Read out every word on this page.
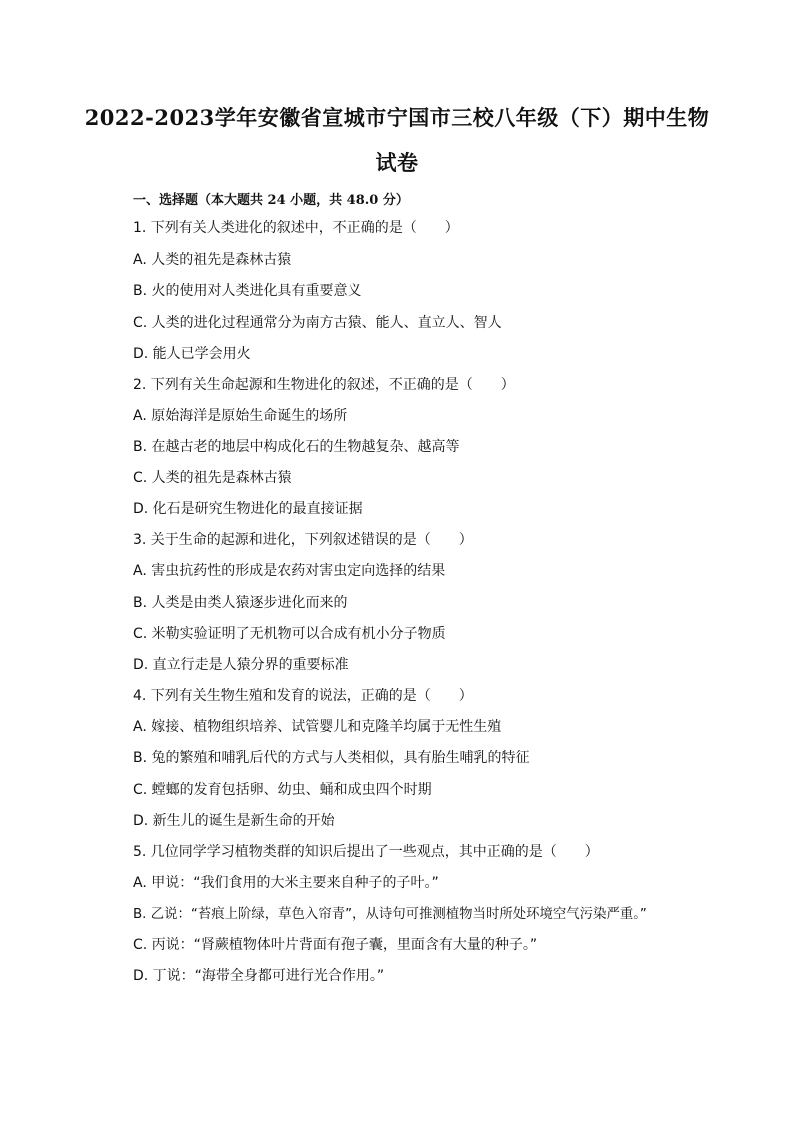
2022-2023学年安徽省宣城市宁国市三校八年级（下）期中生物
试卷
一、选择题（本大题共 24 小题，共 48.0 分）
1. 下列有关人类进化的叙述中，不正确的是（　　）
A. 人类的祖先是森林古猿
B. 火的使用对人类进化具有重要意义
C. 人类的进化过程通常分为南方古猿、能人、直立人、智人
D. 能人已学会用火
2. 下列有关生命起源和生物进化的叙述，不正确的是（　　）
A. 原始海洋是原始生命诞生的场所
B. 在越古老的地层中构成化石的生物越复杂、越高等
C. 人类的祖先是森林古猿
D. 化石是研究生物进化的最直接证据
3. 关于生命的起源和进化，下列叙述错误的是（　　）
A. 害虫抗药性的形成是农药对害虫定向选择的结果
B. 人类是由类人猿逐步进化而来的
C. 米勒实验证明了无机物可以合成有机小分子物质
D. 直立行走是人猿分界的重要标准
4. 下列有关生物生殖和发育的说法，正确的是（　　）
A. 嫁接、植物组织培养、试管婴儿和克隆羊均属于无性生殖
B. 兔的繁殖和哺乳后代的方式与人类相似，具有胎生哺乳的特征
C. 螳螂的发育包括卵、幼虫、蛹和成虫四个时期
D. 新生儿的诞生是新生命的开始
5. 几位同学学习植物类群的知识后提出了一些观点，其中正确的是（　　）
A. 甲说：“我们食用的大米主要来自种子的子叶。”
B. 乙说：“苔痕上阶绿，草色入帘青”，从诗句可推测植物当时所处环境空气污染严重。”
C. 丙说：“肾蕨植物体叶片背面有孢子囊，里面含有大量的种子。”
D. 丁说：“海带全身都可进行光合作用。”
